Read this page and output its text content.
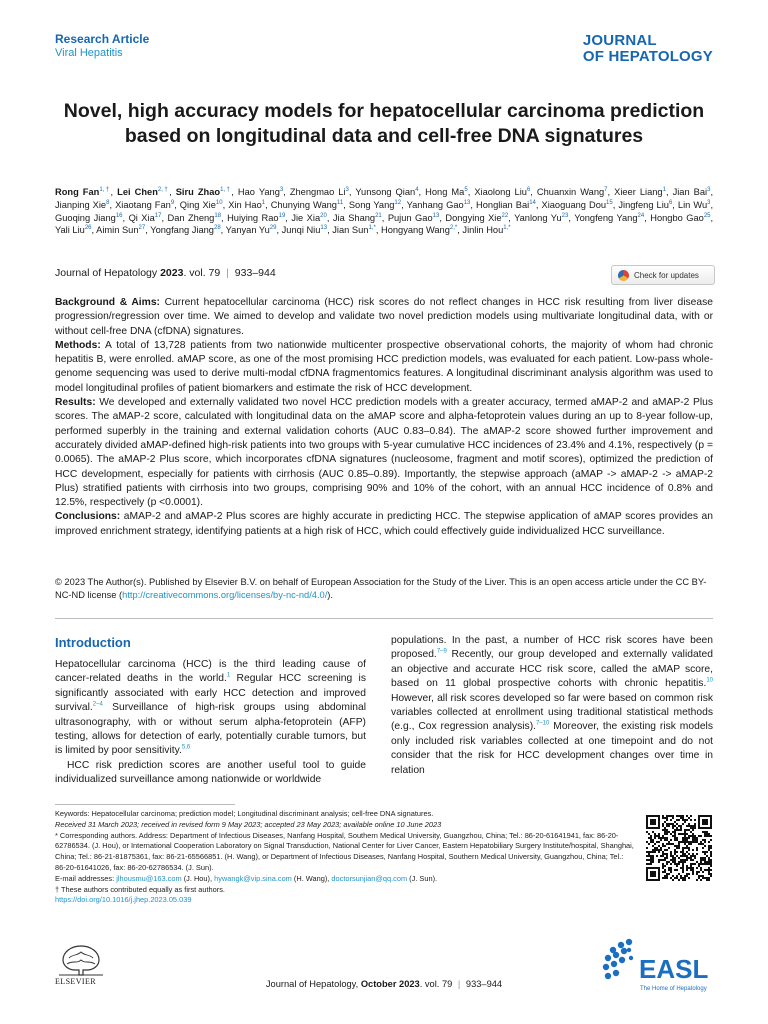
Research Article
Viral Hepatitis
JOURNAL
OF HEPATOLOGY
Novel, high accuracy models for hepatocellular carcinoma prediction based on longitudinal data and cell-free DNA signatures
Rong Fan$^{1,\dagger}$, Lei Chen$^{2,\dagger}$, Siru Zhao$^{1,\dagger}$, Hao Yang$^3$, Zhengmao Li$^3$, Yunsong Qian$^4$, Hong Ma$^5$, Xiaolong Liu$^6$, Chuanxin Wang$^7$, Xieer Liang$^1$, Jian Bai$^3$, Jianping Xie$^8$, Xiaotang Fan$^9$, Qing Xie$^{10}$, Xin Hao$^1$, Chunying Wang$^{11}$, Song Yang$^{12}$, Yanhang Gao$^{13}$, Honglian Bai$^{14}$, Xiaoguang Dou$^{15}$, Jingfeng Liu$^6$, Lin Wu$^3$, Guoqing Jiang$^{16}$, Qi Xia$^{17}$, Dan Zheng$^{18}$, Huiying Rao$^{19}$, Jie Xia$^{20}$, Jia Shang$^{21}$, Pujun Gao$^{13}$, Dongying Xie$^{22}$, Yanlong Yu$^{23}$, Yongfeng Yang$^{24}$, Hongbo Gao$^{25}$, Yali Liu$^{26}$, Aimin Sun$^{27}$, Yongfang Jiang$^{28}$, Yanyan Yu$^{29}$, Junqi Niu$^{13}$, Jian Sun$^{1,*}$, Hongyang Wang$^{2,*}$, Jinlin Hou$^{1,*}$
Journal of Hepatology 2023. vol. 79 | 933–944	Check for updates

Background & Aims: Current hepatocellular carcinoma (HCC) risk scores do not reflect changes in HCC risk resulting from liver disease progression/regression over time. We aimed to develop and validate two novel prediction models using multivariate longitudinal data, with or without cell-free DNA (cfDNA) signatures.

Methods: A total of 13,728 patients from two nationwide multicenter prospective observational cohorts, the majority of whom had chronic hepatitis B, were enrolled. aMAP score, as one of the most promising HCC prediction models, was evaluated for each patient. Low-pass whole-genome sequencing was used to derive multi-modal cfDNA fragmentomics features. A longitudinal discriminant analysis algorithm was used to model longitudinal profiles of patient biomarkers and estimate the risk of HCC development.

Results: We developed and externally validated two novel HCC prediction models with a greater accuracy, termed aMAP-2 and aMAP-2 Plus scores. The aMAP-2 score, calculated with longitudinal data on the aMAP score and alpha-fetoprotein values during an up to 8-year follow-up, performed superbly in the training and external validation cohorts (AUC 0.83–0.84). The aMAP-2 score showed further improvement and accurately divided aMAP-defined high-risk patients into two groups with 5-year cumulative HCC incidences of 23.4% and 4.1%, respectively (p = 0.0065). The aMAP-2 Plus score, which incorporates cfDNA signatures (nucleosome, fragment and motif scores), optimized the prediction of HCC development, especially for patients with cirrhosis (AUC 0.85–0.89). Importantly, the stepwise approach (aMAP -> aMAP-2 -> aMAP-2 Plus) stratified patients with cirrhosis into two groups, comprising 90% and 10% of the cohort, with an annual HCC incidence of 0.8% and 12.5%, respectively (p <0.0001).

Conclusions: aMAP-2 and aMAP-2 Plus scores are highly accurate in predicting HCC. The stepwise application of aMAP scores provides an improved enrichment strategy, identifying patients at a high risk of HCC, which could effectively guide individualized HCC surveillance.

© 2023 The Author(s). Published by Elsevier B.V. on behalf of European Association for the Study of the Liver. This is an open access article under the CC BY-NC-ND license (http://creativecommons.org/licenses/by-nc-nd/4.0/).
Introduction

Hepatocellular carcinoma (HCC) is the third leading cause of cancer-related deaths in the world.$^1$ Regular HCC screening is significantly associated with early HCC detection and improved survival.$^{2-4}$ Surveillance of high-risk groups using abdominal ultrasonography, with or without serum alpha-fetoprotein (AFP) testing, allows for detection of early, potentially curable tumors, but is limited by poor sensitivity.$^{5,6}$

HCC risk prediction scores are another useful tool to guide individualized surveillance among nationwide or worldwide

populations. In the past, a number of HCC risk scores have been proposed.$^{7-9}$ Recently, our group developed and externally validated an objective and accurate HCC risk score, called the aMAP score, based on 11 global prospective cohorts with chronic hepatitis.$^{10}$ However, all risk scores developed so far were based on common risk variables collected at enrollment using traditional statistical methods (e.g., Cox regression analysis).$^{7-10}$ Moreover, the existing risk models only included risk variables collected at one timepoint and do not consider that the risk for HCC development changes over time in relation

Keywords: Hepatocellular carcinoma; prediction model; Longitudinal discriminant analysis; cell-free DNA signatures.
Received 31 March 2023; received in revised form 9 May 2023; accepted 23 May 2023; available online 10 June 2023
* Corresponding authors. Address: Department of Infectious Diseases, Nanfang Hospital, Southern Medical University, Guangzhou, China; Tel.: 86-20-61641941, fax: 86-20-62786534. (J. Hou), or International Cooperation Laboratory on Signal Transduction, National Center for Liver Cancer, Eastern Hepatobiliary Surgery Institute/hospital, Shanghai, China; Tel.: 86-21-81875361, fax: 86-21-65566851. (H. Wang), or Department of Infectious Diseases, Nanfang Hospital, Southern Medical University, Guangzhou, China; Tel.: 86-20-61641026, fax: 86-20-62786534. (J. Sun).
E-mail addresses: jlhousmu@163.com (J. Hou), hywangk@vip.sina.com (H. Wang), doctorsunjian@qq.com (J. Sun).
† These authors contributed equally as first authors.
https://doi.org/10.1016/j.jhep.2023.05.039
ELSEVIER	Journal of Hepatology, October 2023. vol. 79 | 933–944	EASL
The Home of Hepatology
